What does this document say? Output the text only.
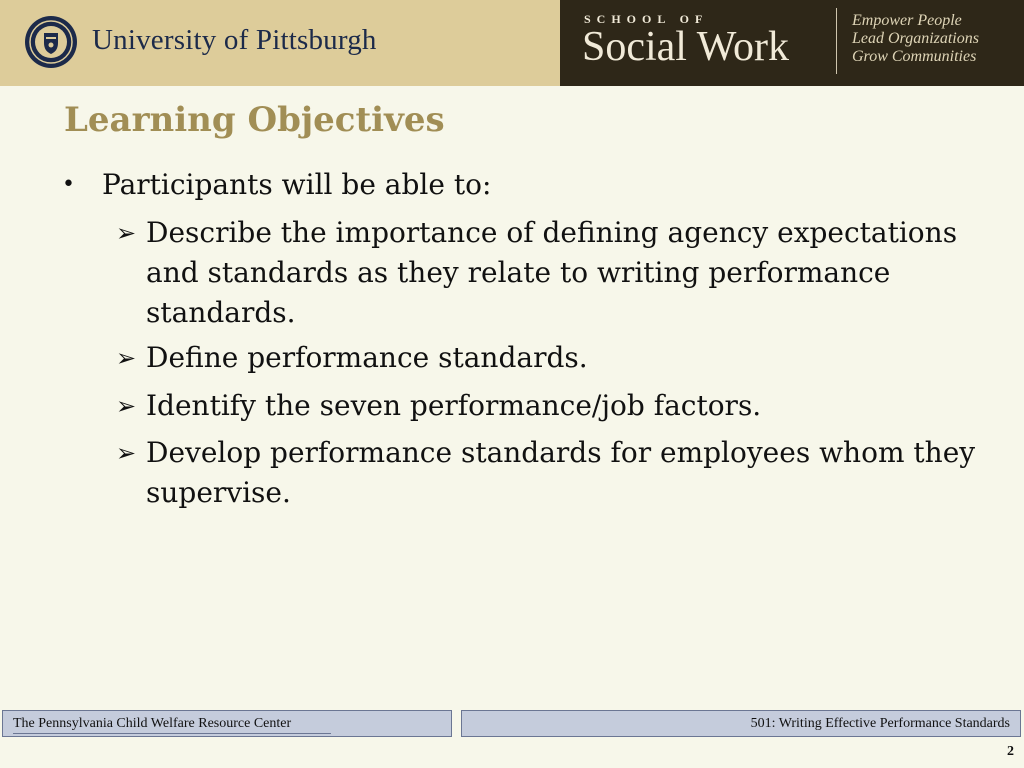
University of Pittsburgh
SCHOOL OF
Social Work
Empower People
Lead Organizations
Grow Communities
Learning Objectives
• Participants will be able to:
➢ Describe the importance of defining agency expectations and standards as they relate to writing performance standards.
➢ Define performance standards.
➢ Identify the seven performance/job factors.
➢ Develop performance standards for employees whom they supervise.
The Pennsylvania Child Welfare Resource Center	501: Writing Effective Performance Standards
2
